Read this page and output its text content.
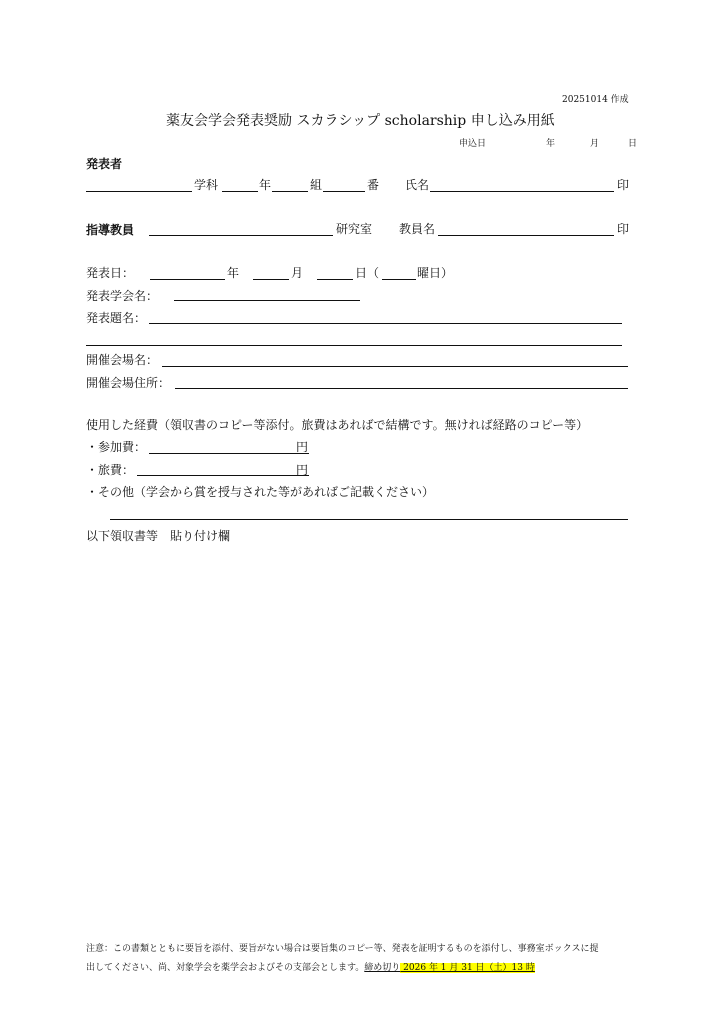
20251014 作成
薬友会学会発表奨励 スカラシップ scholarship 申し込み用紙
申込日	年	月	日
発表者
学科	年	組	番 氏名	印
指導教員	研究室 教員名	印
発表日：	年	月	日（	曜日）
発表学会名：
発表題名：
開催会場名：
開催会場住所：
使用した経費（領収書のコピー等添付。旅費はあればで結構です。無ければ経路のコピー等）
・参加費：	円
・旅費：	円
・その他（学会から賞を授与された等があればご記載ください）
以下領収書等　貼り付け欄
注意：この書類とともに要旨を添付、要旨がない場合は要旨集のコピー等、発表を証明するものを添付し、事務室ボックスに提
出してください、尚、対象学会を薬学会およびその支部会とします。締め切り 2026 年 1 月 31 日（土）13 時
